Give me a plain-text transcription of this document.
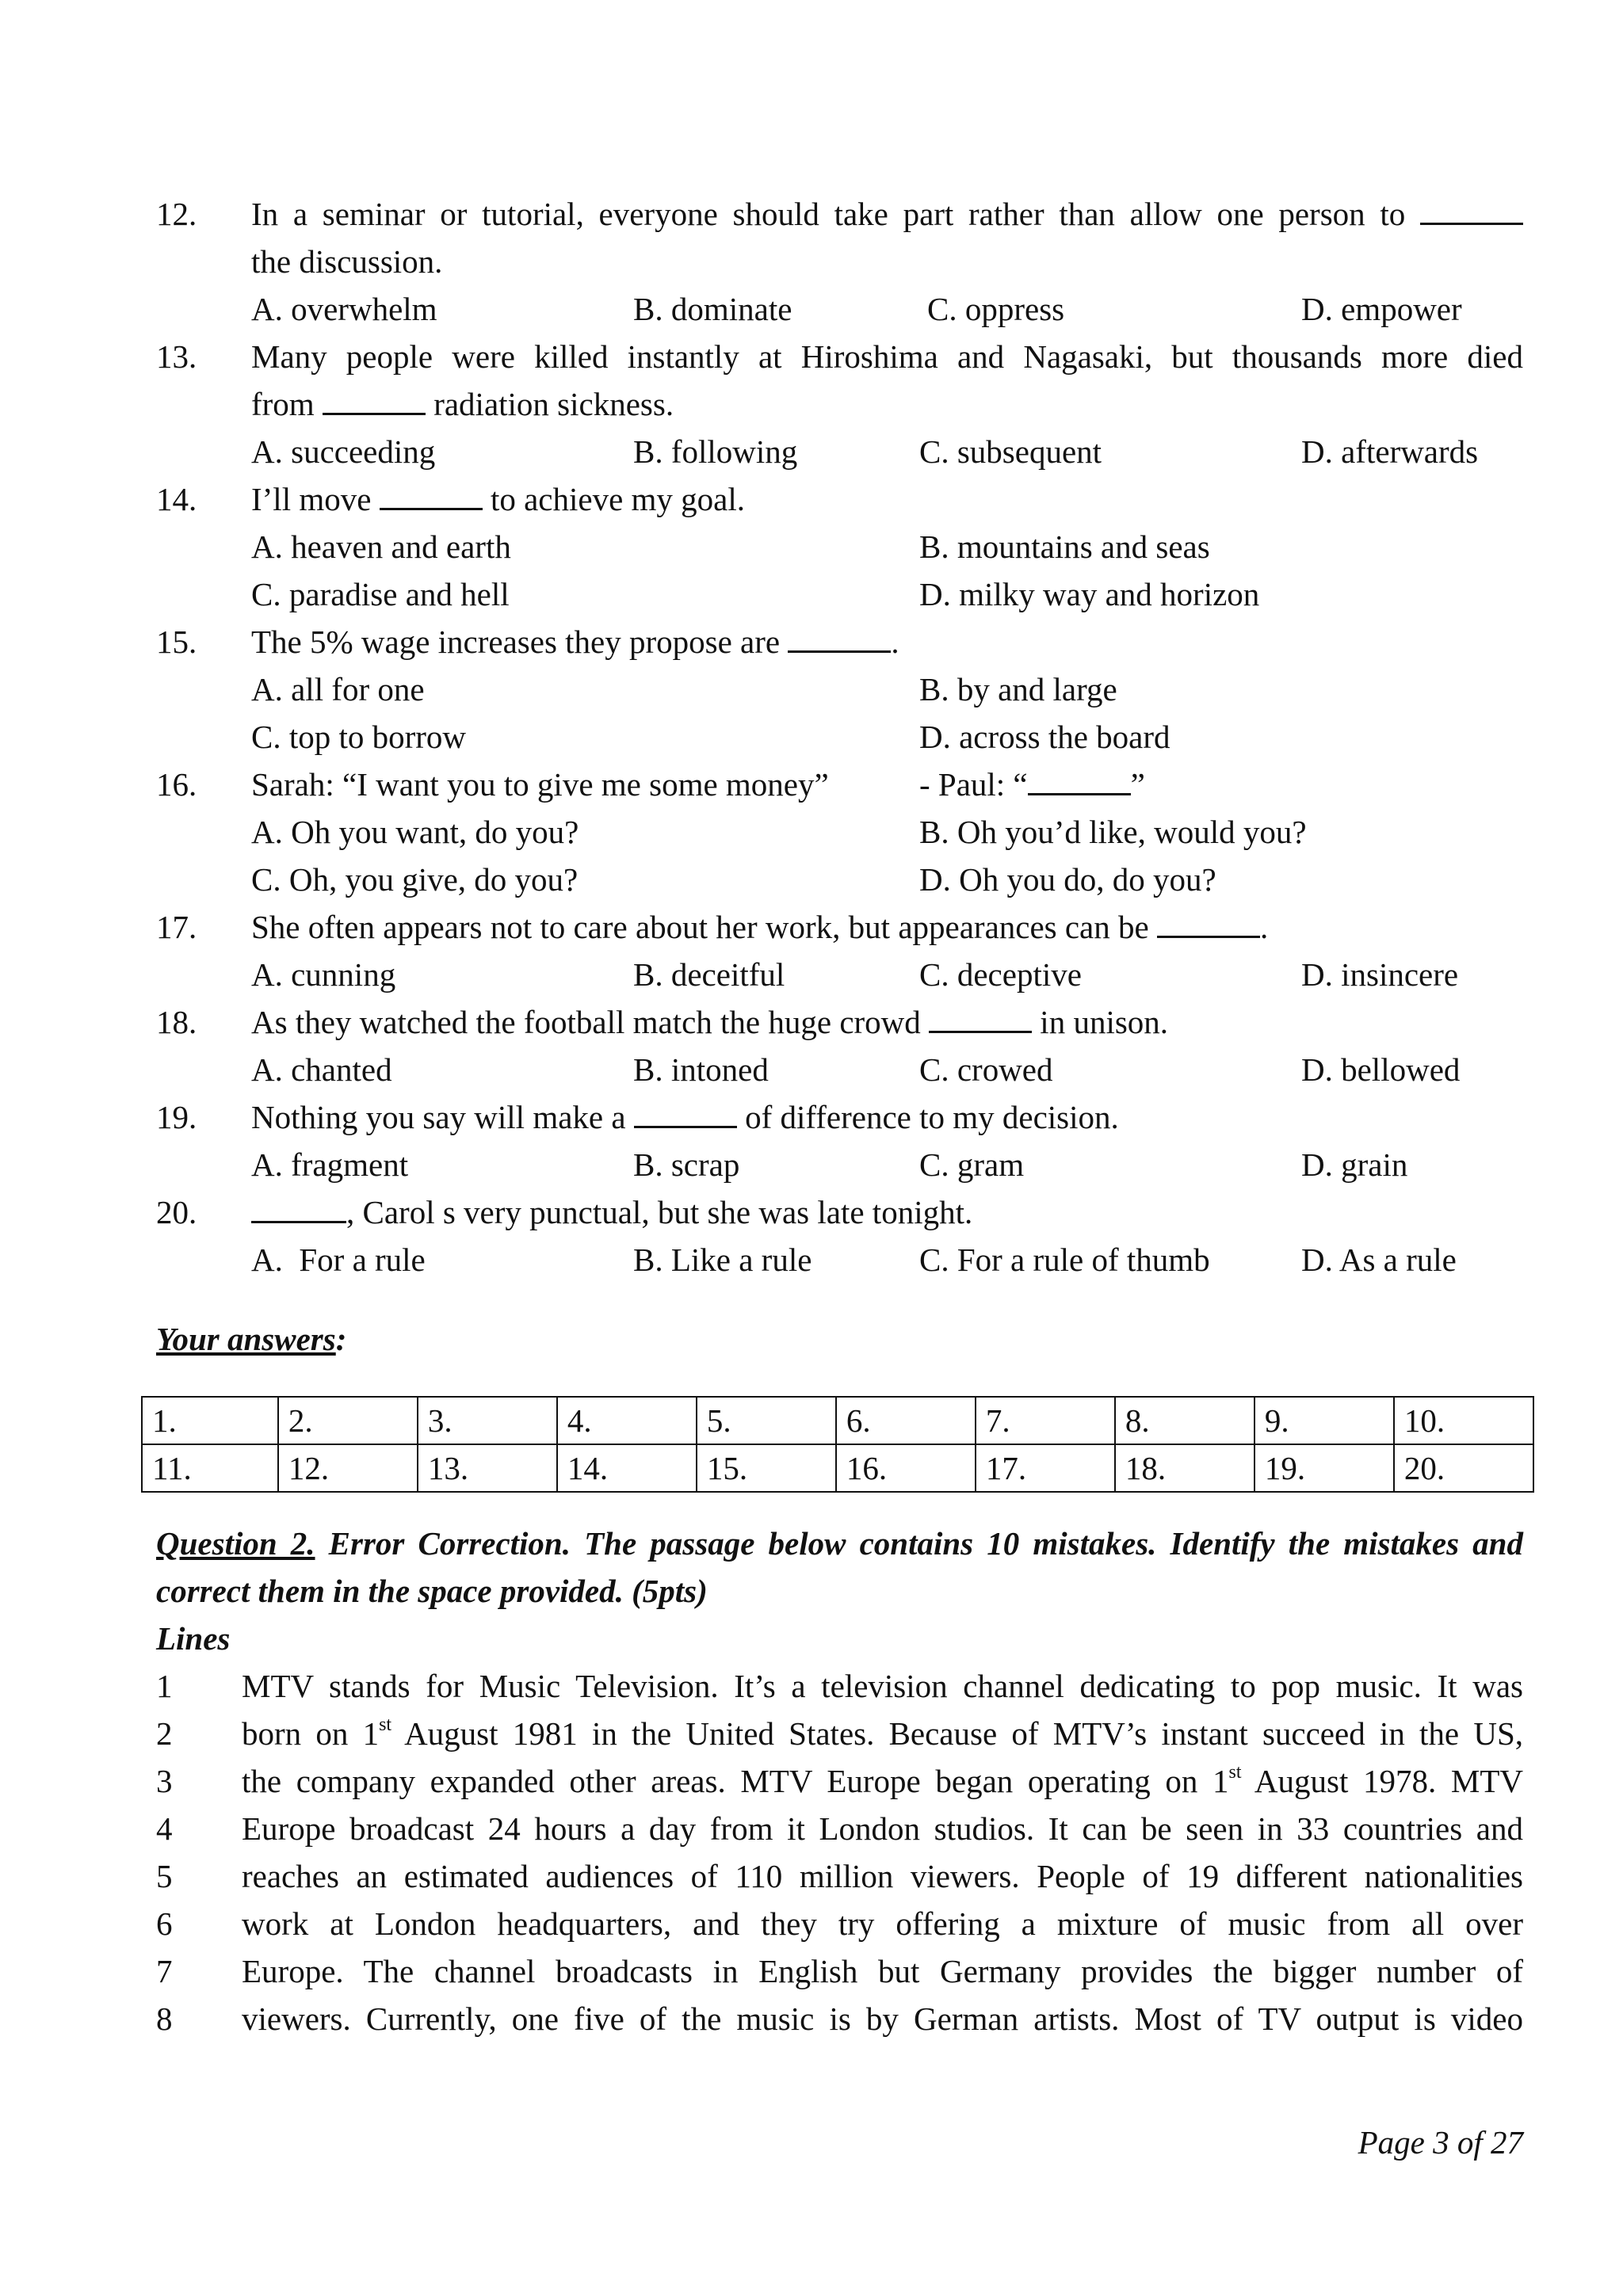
12. In a seminar or tutorial, everyone should take part rather than allow one person to
the discussion.
A. overwhelm	B. dominate	C. oppress	D. empower
13. Many people were killed instantly at Hiroshima and Nagasaki, but thousands more died
from	radiation sickness.
A. succeeding	B. following	C. subsequent	D. afterwards
14. I’ll move	to achieve my goal.
A. heaven and earth	B. mountains and seas
C. paradise and hell	D. milky way and horizon
15. The 5% wage increases they propose are	.
A. all for one	B. by and large
C. top to borrow	D. across the board
16. Sarah: “I want you to give me some money”	- Paul: “	”
A. Oh you want, do you?	B. Oh you’d like, would you?
C. Oh, you give, do you?	D. Oh you do, do you?
17. She often appears not to care about her work, but appearances can be	.
A. cunning	B. deceitful	C. deceptive	D. insincere
18. As they watched the football match the huge crowd	in unison.
A. chanted	B. intoned	C. crowed	D. bellowed
19. Nothing you say will make a	of difference to my decision.
A. fragment	B. scrap	C. gram	D. grain
20.	, Carol s very punctual, but she was late tonight.
A.  For a rule	B. Like a rule	C. For a rule of thumb	D. As a rule
Your answers:
1.	2.	3.	4.	5.	6.	7.	8.	9.	10.
11.	12.	13.	14.	15.	16.	17.	18.	19.	20.
Question 2. Error Correction. The passage below contains 10 mistakes. Identify the mistakes and correct them in the space provided. (5pts)
Lines
1 MTV stands for Music Television. It’s a television channel dedicating to pop music. It was
2 born on 1st August 1981 in the United States. Because of MTV’s instant succeed in the US,
3 the company expanded other areas. MTV Europe began operating on 1st August 1978. MTV
4 Europe broadcast 24 hours a day from it London studios. It can be seen in 33 countries and
5 reaches an estimated audiences of 110 million viewers. People of 19 different nationalities
6 work at London headquarters, and they try offering a mixture of music from all over
7 Europe. The channel broadcasts in English but Germany provides the bigger number of
8 viewers. Currently, one five of the music is by German artists. Most of TV output is video
Page 3 of 27
